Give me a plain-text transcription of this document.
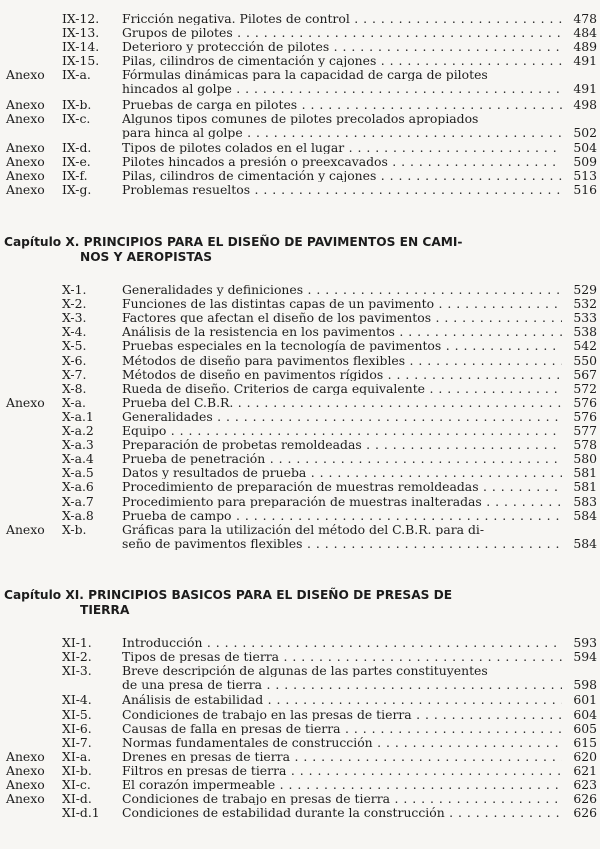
IX-12. Fricción negativa. Pilotes de control . . .	478
IX-13. Grupos de pilotes . . .	484
IX-14. Deterioro y protección de pilotes . . .	489
IX-15. Pilas, cilindros de cimentación y cajones . . .	491
Anexo IX-a.	Fórmulas dinámicas para la capacidad de carga de pilotes
hincados al golpe . . .	491
Anexo IX-b. Pruebas de carga en pilotes . . .	498
Anexo IX-c.	Algunos tipos comunes de pilotes precolados apropiados
para hinca al golpe . . .	502
Anexo IX-d. Tipos de pilotes colados en el lugar . . .	504
Anexo IX-e.	Pilotes hincados a presión o preexcavados . . .	509
Anexo IX-f.	Pilas, cilindros de cimentación y cajones . . .	513
Anexo IX-g. Problemas resueltos . . .	516
Capítulo X. PRINCIPIOS PARA EL DISEÑO DE PAVIMENTOS EN CAMI-
NOS Y AEROPISTAS
X-1.	Generalidades y definiciones . . .	529
X-2.	Funciones de las distintas capas de un pavimento . . .	532
X-3.	Factores que afectan el diseño de los pavimentos . . .	533
X-4.	Análisis de la resistencia en los pavimentos . . .	538
X-5.	Pruebas especiales en la tecnología de pavimentos . . .	542
X-6.	Métodos de diseño para pavimentos flexibles . . .	550
X-7.	Métodos de diseño en pavimentos rígidos . . .	567
X-8.	Rueda de diseño. Criterios de carga equivalente . . .	572
Anexo X-a.	Prueba del C.B.R. . . .	576
X-a.1 Generalidades . . .	576
X-a.2 Equipo . . .	577
X-a.3 Preparación de probetas remoldeadas . . .	578
X-a.4 Prueba de penetración . . .	580
X-a.5 Datos y resultados de prueba . . .	581
X-a.6 Procedimiento de preparación de muestras remoldeadas . . .	581
X-a.7 Procedimiento para preparación de muestras inalteradas . . .	583
X-a.8 Prueba de campo . . .	584
Anexo X-b.	Gráficas para la utilización del método del C.B.R. para di-
seño de pavimentos flexibles . . .	584
Capítulo XI. PRINCIPIOS BASICOS PARA EL DISEÑO DE PRESAS DE
TIERRA
XI-1. Introducción . . .	593
XI-2. Tipos de presas de tierra . . .	594
XI-3. Breve descripción de algunas de las partes constituyentes
de una presa de tierra . . .	598
XI-4. Análisis de estabilidad . . .	601
XI-5. Condiciones de trabajo en las presas de tierra . . .	604
XI-6. Causas de falla en presas de tierra . . .	605
XI-7. Normas fundamentales de construcción . . .	615
Anexo XI-a. Drenes en presas de tierra . . .	620
Anexo XI-b. Filtros en presas de tierra . . .	621
Anexo XI-c.	El corazón impermeable . . .	623
Anexo XI-d. Condiciones de trabajo en presas de tierra . . .	626
XI-d.1 Condiciones de estabilidad durante la construcción . . .	626
